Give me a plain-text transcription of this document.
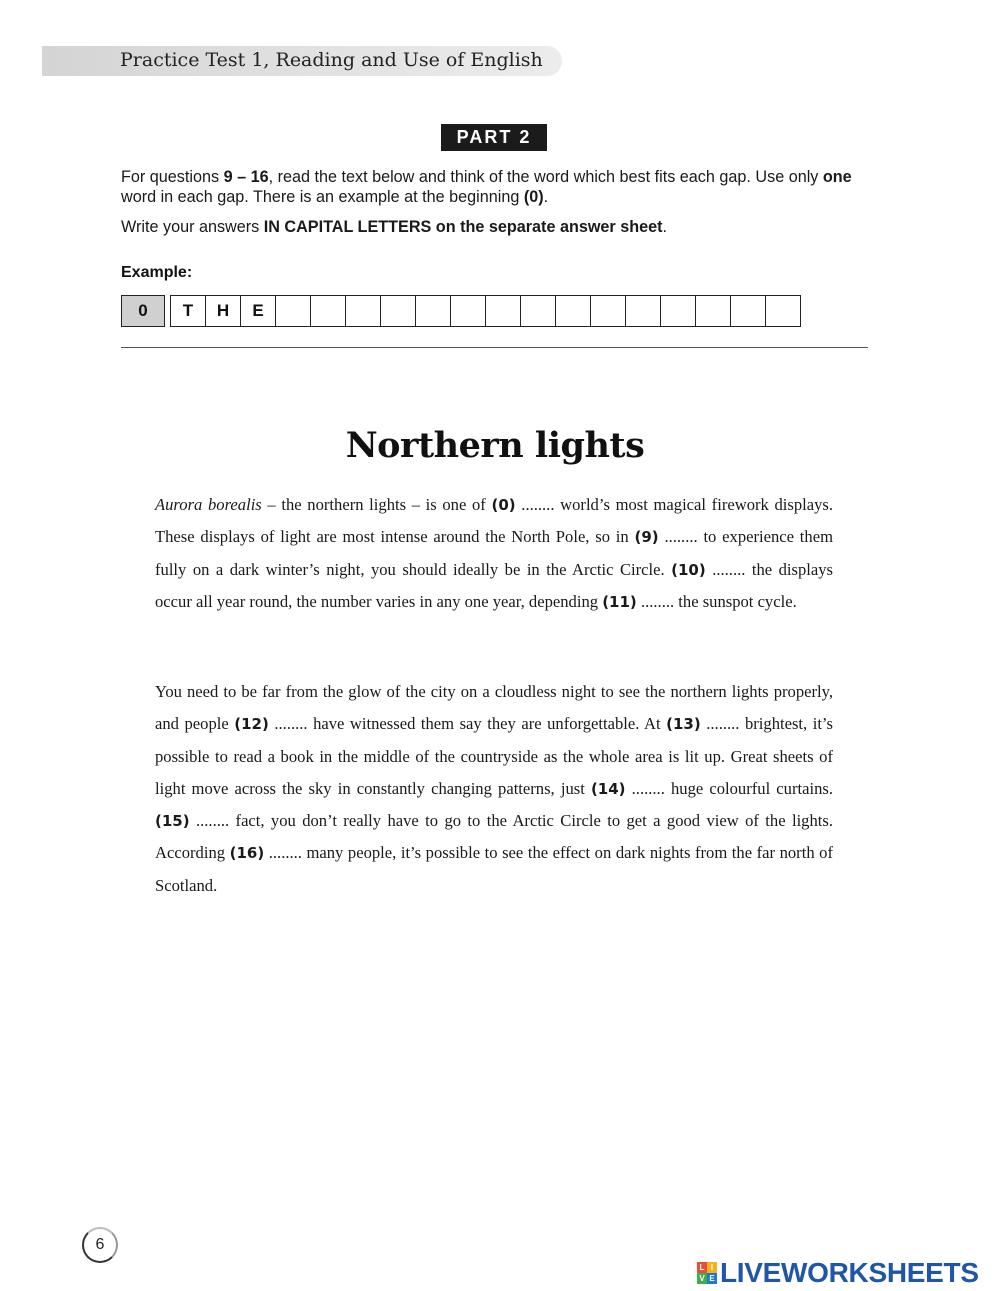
Practice Test 1, Reading and Use of English
PART 2

For questions 9 – 16, read the text below and think of the word which best fits each gap. Use only one word in each gap. There is an example at the beginning (0).

Write your answers IN CAPITAL LETTERS on the separate answer sheet.

Example:
0	T	H	E
Northern lights
Aurora borealis – the northern lights – is one of (0) ........ world’s most magical firework displays. These displays of light are most intense around the North Pole, so in (9) ........ to experience them fully on a dark winter’s night, you should ideally be in the Arctic Circle. (10) ........ the displays occur all year round, the number varies in any one year, depending (11) ........ the sunspot cycle.
You need to be far from the glow of the city on a cloudless night to see the northern lights properly, and people (12) ........ have witnessed them say they are unforgettable. At (13) ........ brightest, it’s possible to read a book in the middle of the countryside as the whole area is lit up. Great sheets of light move across the sky in constantly changing patterns, just (14) ........ huge colourful curtains. (15) ........ fact, you don’t really have to go to the Arctic Circle to get a good view of the lights. According (16) ........ many people, it’s possible to see the effect on dark nights from the far north of Scotland.
6
L I
V E LIVEWORKSHEETS
